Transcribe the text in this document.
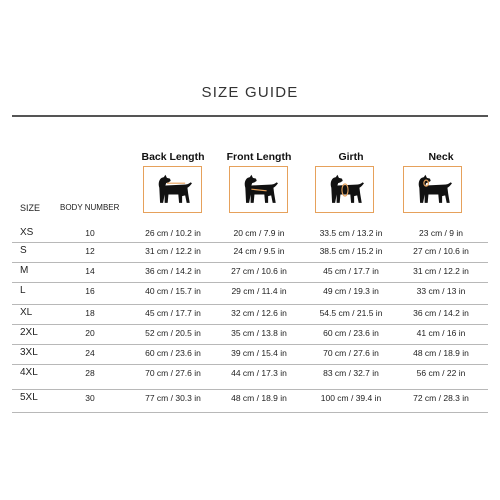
SIZE GUIDE
Back Length	Front Length	Girth	Neck
SIZE BODY NUMBER
XS	10	26 cm / 10.2 in	20 cm / 7.9 in	33.5 cm / 13.2 in	23 cm / 9 in
S	12	31 cm / 12.2 in	24 cm / 9.5 in	38.5 cm / 15.2 in	27 cm / 10.6 in
M	14	36 cm / 14.2 in	27 cm / 10.6 in	45 cm / 17.7 in	31 cm / 12.2 in
L	16	40 cm / 15.7 in	29 cm / 11.4 in	49 cm / 19.3 in	33 cm / 13 in
XL	18	45 cm / 17.7 in	32 cm / 12.6 in	54.5 cm / 21.5 in	36 cm / 14.2 in
2XL	20	52 cm / 20.5 in	35 cm / 13.8 in	60 cm / 23.6 in	41 cm / 16 in
3XL	24	60 cm / 23.6 in	39 cm / 15.4 in	70 cm / 27.6 in	48 cm / 18.9 in
4XL	28	70 cm / 27.6 in	44 cm / 17.3 in	83 cm / 32.7 in	56 cm / 22 in
5XL	30	77 cm / 30.3 in	48 cm / 18.9 in	100 cm / 39.4 in	72 cm / 28.3 in
